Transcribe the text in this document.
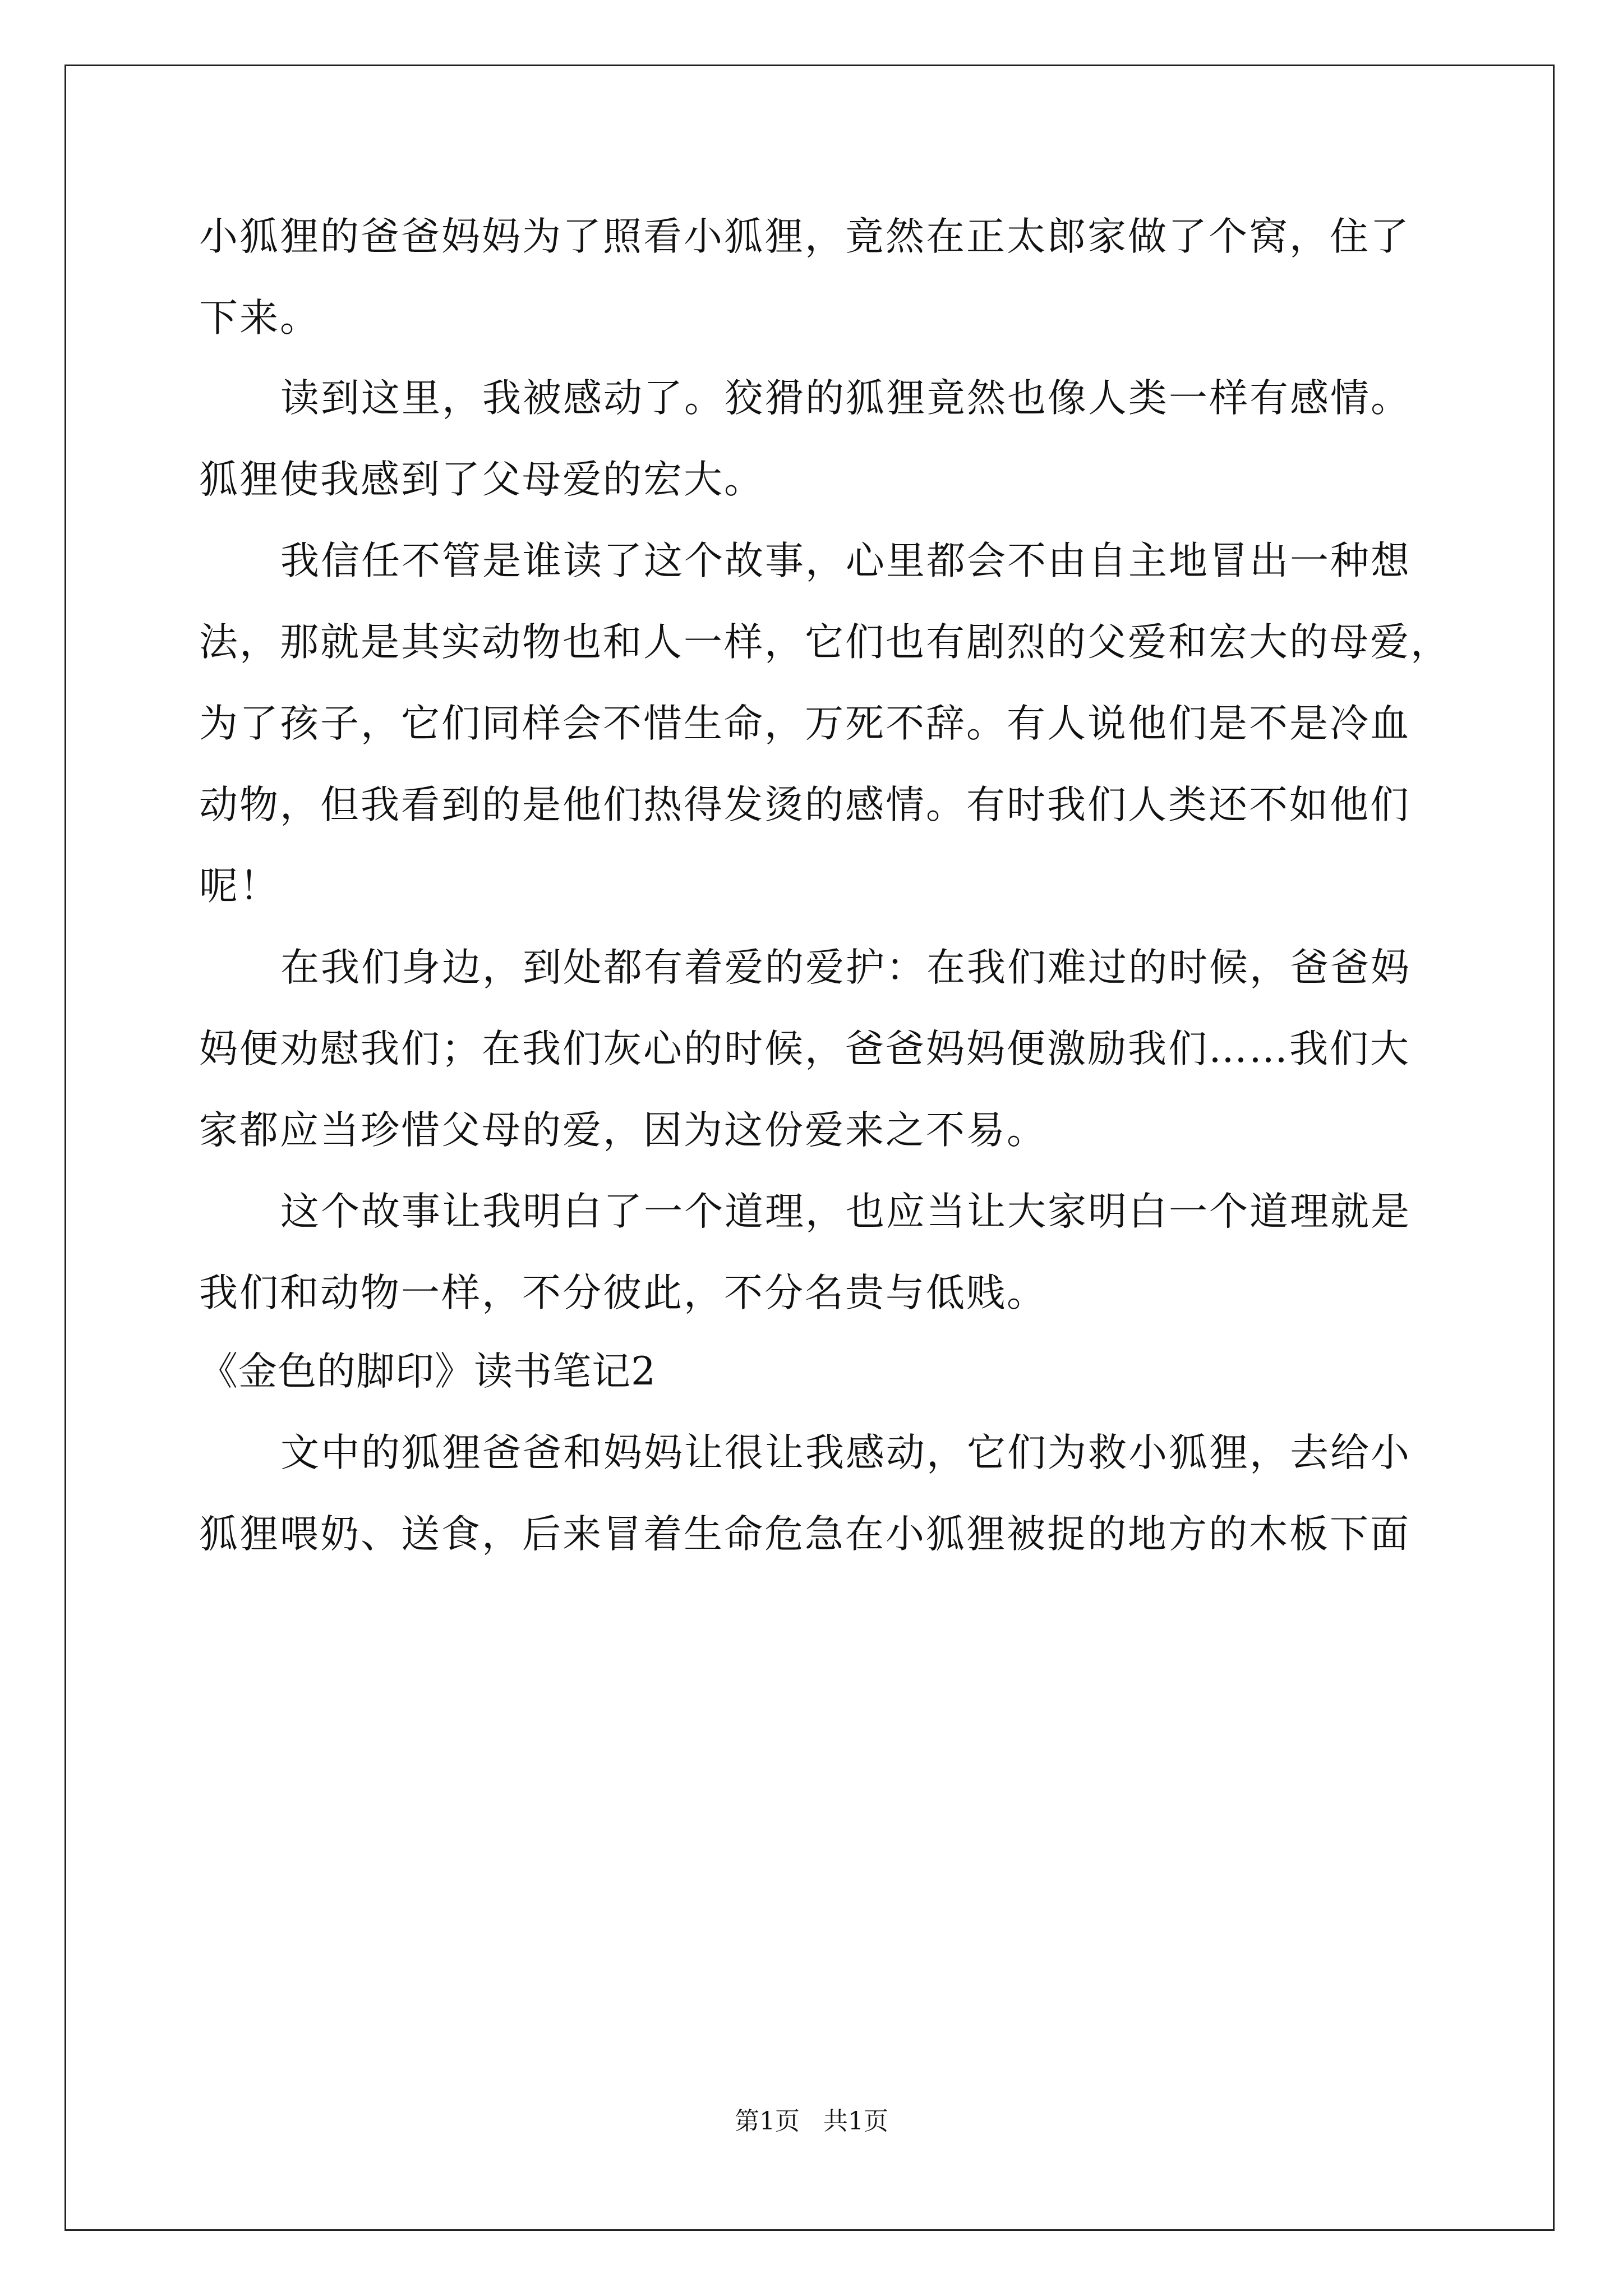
小狐狸的爸爸妈妈为了照看小狐狸，竟然在正太郎家做了个窝，住了
下来。
读到这里，我被感动了。狡猾的狐狸竟然也像人类一样有感情。
狐狸使我感到了父母爱的宏大。
我信任不管是谁读了这个故事，心里都会不由自主地冒出一种想
法，那就是其实动物也和人一样，它们也有剧烈的父爱和宏大的母爱，
为了孩子，它们同样会不惜生命，万死不辞。有人说他们是不是冷血
动物，但我看到的是他们热得发烫的感情。有时我们人类还不如他们
呢！
在我们身边，到处都有着爱的爱护：在我们难过的时候，爸爸妈
妈便劝慰我们；在我们灰心的时候，爸爸妈妈便激励我们……我们大
家都应当珍惜父母的爱，因为这份爱来之不易。
这个故事让我明白了一个道理，也应当让大家明白一个道理就是
我们和动物一样，不分彼此，不分名贵与低贱。
《金色的脚印》读书笔记2
文中的狐狸爸爸和妈妈让很让我感动，它们为救小狐狸，去给小
狐狸喂奶、送食，后来冒着生命危急在小狐狸被捉的地方的木板下面
第1页   共1页
